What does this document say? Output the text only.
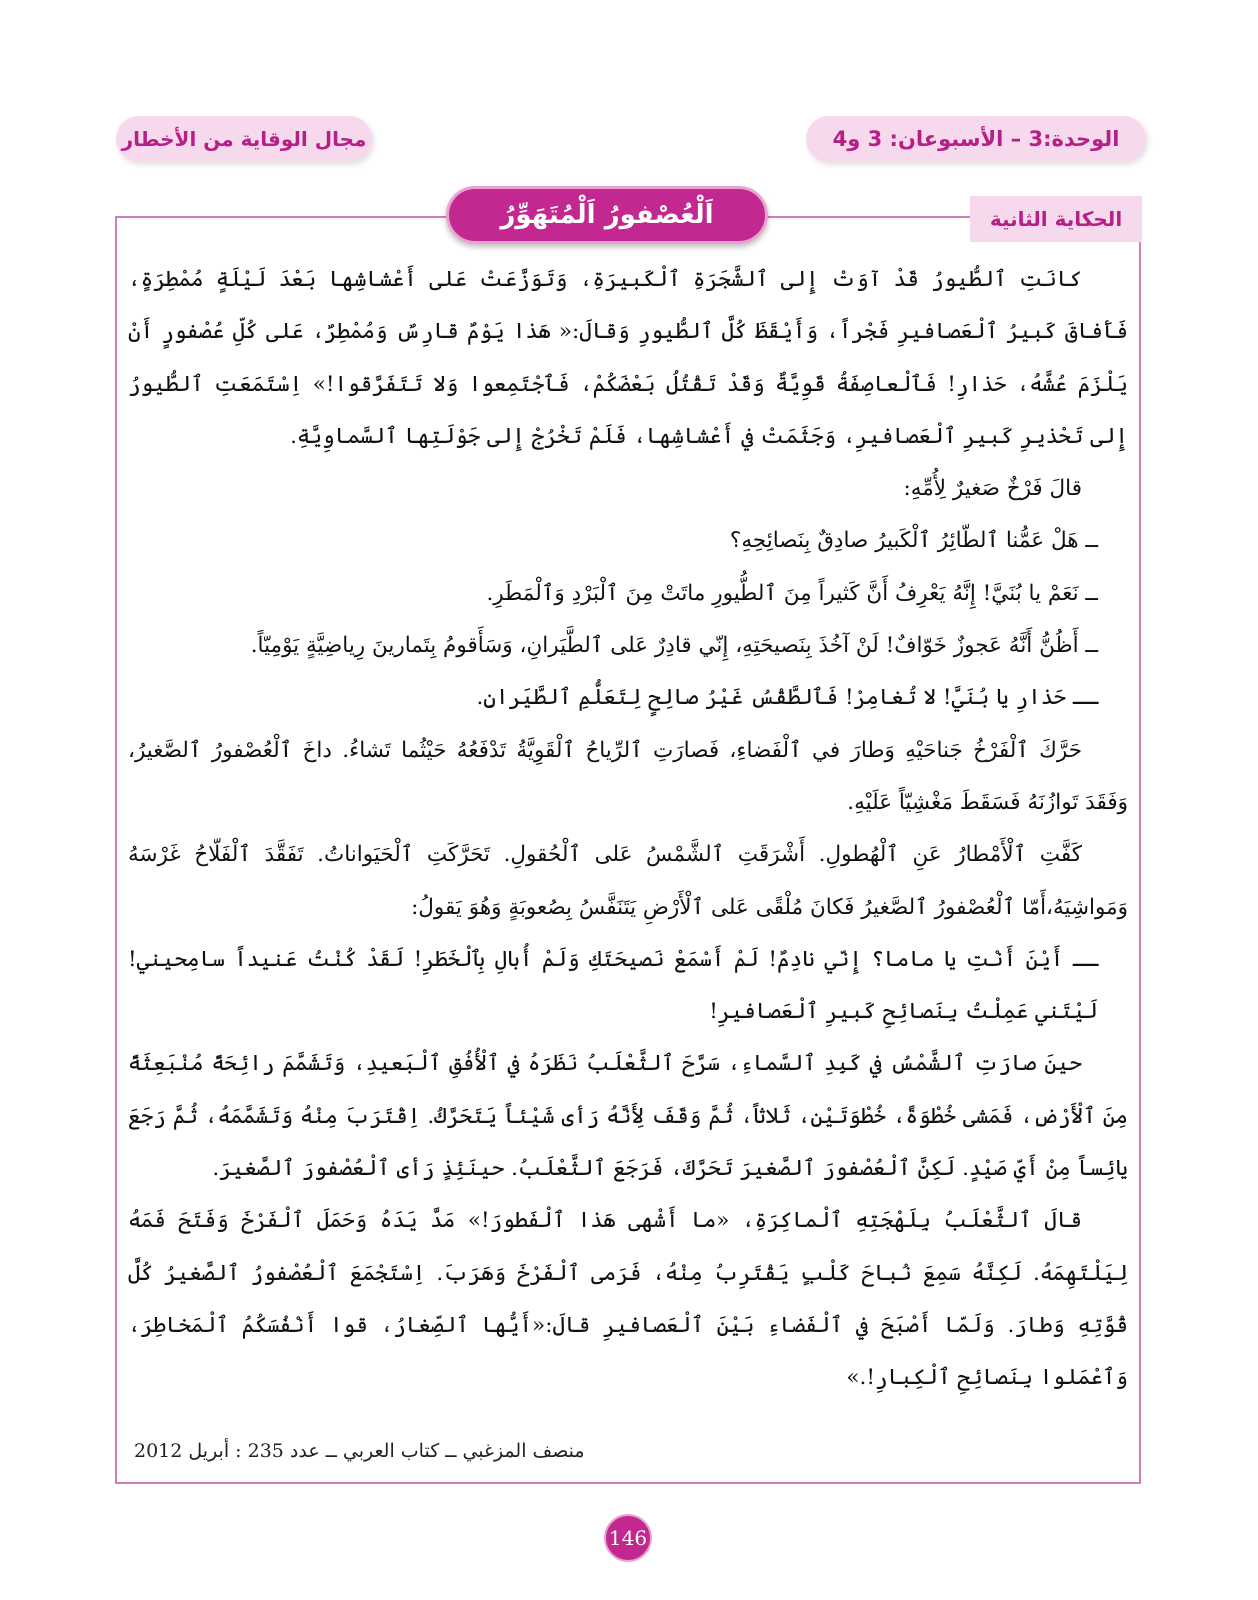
الوحدة:3 – الأسبوعان: 3 و4
مجال الوقاية من الأخطار
الحكاية الثانية
اَلْعُصْفورُ اَلْمُتَهَوِّرُ

كانَتِ ٱلطُّيورُ قَدْ آوَتْ إِلى ٱلشَّجَرَةِ ٱلْكَبيرَةِ، وَتَوَزَّعَتْ عَلى أَعْشاشِها بَعْدَ لَيْلَةٍ مُمْطِرَةٍ، فَأَفاقَ كَبيرُ ٱلْعَصافيرِ فَجْراً، وَأَيْقَظَ كُلَّ ٱلطُّيورِ وَقالَ:« هَذا يَوْمٌ قارِسٌ وَمُمْطِرٌ، عَلى كُلِّ عُصْفورٍ أَنْ يَلْزَمَ عُشَّهُ، حَذارِ! فَٱلْعاصِفَةُ قَوِيَّةٌ وَقَدْ تَقْتُلُ بَعْضَكُمْ، فَٱجْتَمِعوا وَلا تَتَفَرَّقوا!» اِسْتَمَعَتِ ٱلطُّيورُ إِلى تَحْذيرِ كَبيرِ ٱلْعَصافيرِ، وَجَثَمَتْ في أَعْشاشِها، فَلَمْ تَخْرُجْ إِلى جَوْلَتِها ٱلسَّماوِيَّةِ.

قالَ فَرْخٌ صَغيرٌ لِأُمِّهِ:

ــ هَلْ عَمُّنا ٱلطّائِرُ ٱلْكَبيرُ صادِقٌ بِنَصائِحِهِ؟

ــ نَعَمْ يا بُنَيَّ! إِنَّهُ يَعْرِفُ أَنَّ كَثيراً مِنَ ٱلطُّيورِ ماتَتْ مِنَ ٱلْبَرْدِ وَٱلْمَطَرِ.

ــ أَظُنُّ أَنَّهُ عَجوزٌ خَوّافٌ! لَنْ آخُذَ بِنَصيحَتِهِ، إِنّي قادِرٌ عَلى ٱلطَّيَرانِ، وَسَأَقومُ بِتَمارينَ رِياضِيَّةٍ يَوْمِيّاً.

ــ حَذارِ يا بُنَيَّ! لا تُغامِرْ! فَٱلطَّقْسُ غَيْرُ صالِحٍ لِتَعَلُّمِ ٱلطَّيَرانِ.

حَرَّكَ ٱلْفَرْخُ جَناحَيْهِ وَطارَ في ٱلْفَضاءِ، فَصارَتِ ٱلرِّياحُ ٱلْقَوِيَّةُ تَدْفَعُهُ حَيْثُما تَشاءُ. داخَ ٱلْعُصْفورُ ٱلصَّغيرُ، وَفَقَدَ تَوازُنَهُ فَسَقَطَ مَغْشِيّاً عَلَيْهِ.

كَفَّتِ ٱلْأَمْطارُ عَنِ ٱلْهُطولِ. أَشْرَقَتِ ٱلشَّمْسُ عَلى ٱلْحُقولِ. تَحَرَّكَتِ ٱلْحَيَواناتُ. تَفَقَّدَ ٱلْفَلّاحُ غَرْسَهُ وَمَواشِيَهُ،أَمّا ٱلْعُصْفورُ ٱلصَّغيرُ فَكانَ مُلْقًى عَلى ٱلْأَرْضِ يَتَنَفَّسُ بِصُعوبَةٍ وَهُوَ يَقولُ:

ــ أَيْنَ أَنْتِ يا ماما؟ إِنّي نادِمٌ! لَمْ أَسْمَعْ نَصيحَتَكِ وَلَمْ أُبالِ بِٱلْخَطَرِ! لَقَدْ كُنْتُ عَنيداً سامِحيني! لَيْتَني عَمِلْتُ بِنَصائِحِ كَبيرِ ٱلْعَصافيرِ!

حينَ صارَتِ ٱلشَّمْسُ في كَبِدِ ٱلسَّماءِ، سَرَّحَ ٱلثَّعْلَبُ نَظَرَهُ في ٱلْأُفُقِ ٱلْبَعيدِ، وَتَشَمَّمَ رائِحَةً مُنْبَعِثَةً مِنَ ٱلْأَرْضِ، فَمَشى خُطْوَةً، خُطْوَتَيْنِ، ثَلاثاً، ثُمَّ وَقَفَ لِأَنَّهُ رَأى شَيْئاً يَتَحَرَّكُ. اِقْتَرَبَ مِنْهُ وَتَشَمَّمَهُ، ثُمَّ رَجَعَ يائِساً مِنْ أَيِّ صَيْدٍ. لَكِنَّ ٱلْعُصْفورَ ٱلصَّغيرَ تَحَرَّكَ، فَرَجَعَ ٱلثَّعْلَبُ. حينَئِذٍ رَأى ٱلْعُصْفورَ ٱلصَّغيرَ.

قالَ ٱلثَّعْلَبُ بِلَهْجَتِهِ ٱلْماكِرَةِ، «ما أَشْهى هَذا ٱلْفَطورَ!» مَدَّ يَدَهُ وَحَمَلَ ٱلْفَرْخَ وَفَتَحَ فَمَهُ لِيَلْتَهِمَهُ. لَكِنَّهُ سَمِعَ نُباحَ كَلْبٍ يَقْتَرِبُ مِنْهُ، فَرَمى ٱلْفَرْخَ وَهَرَبَ. اِسْتَجْمَعَ ٱلْعُصْفورُ ٱلصَّغيرُ كُلَّ قُوَّتِهِ وَطارَ. وَلَمّا أَصْبَحَ في ٱلْفَضاءِ بَيْنَ ٱلْعَصافيرِ قالَ:«أَيُّها ٱلصِّغارُ، قوا أَنْفُسَكُمُ ٱلْمَخاطِرَ، وَٱعْمَلوا بِنَصائِحِ ٱلْكِبارِ!.»

منصف المزغبي ــ كتاب العربي ــ عدد 235 : أبريل 2012
146
